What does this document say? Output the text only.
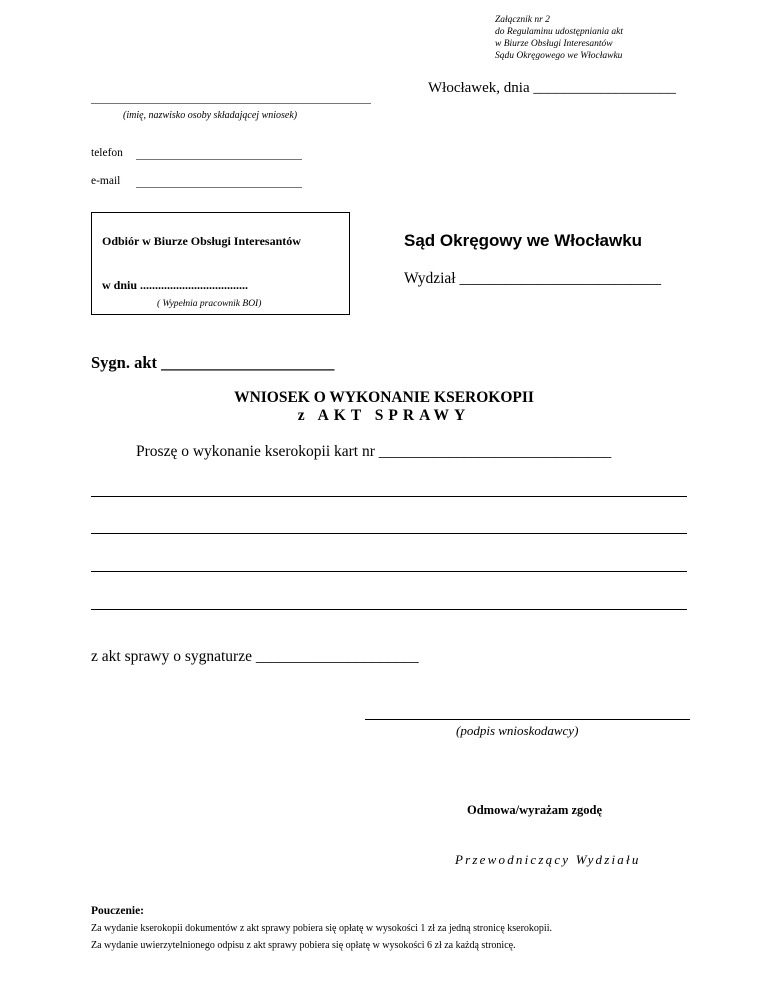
Załącznik nr 2
do Regulaminu udostępniania akt
w Biurze Obsługi Interesantów
Sądu Okręgowego we Włocławku
Włocławek, dnia ___________________
(imię, nazwisko osoby składającej wniosek)
telefon
e-mail
Odbiór w Biurze Obsługi Interesantów
w dniu ....................................
( Wypełnia pracownik BOI)
Sąd Okręgowy we Włocławku
Wydział __________________________
Sygn. akt _____________________
WNIOSEK O WYKONANIE KSEROKOPII
z AKT SPRAWY
Proszę o wykonanie kserokopii kart nr ______________________________
z akt sprawy o sygnaturze _____________________
(podpis wnioskodawcy)
Odmowa/wyrażam zgodę
Przewodniczący Wydziału
Pouczenie:
Za wydanie kserokopii dokumentów z akt sprawy pobiera się opłatę w wysokości 1 zł za jedną stronicę kserokopii.
Za wydanie uwierzytelnionego odpisu z akt sprawy pobiera się opłatę w wysokości 6 zł za każdą stronicę.
